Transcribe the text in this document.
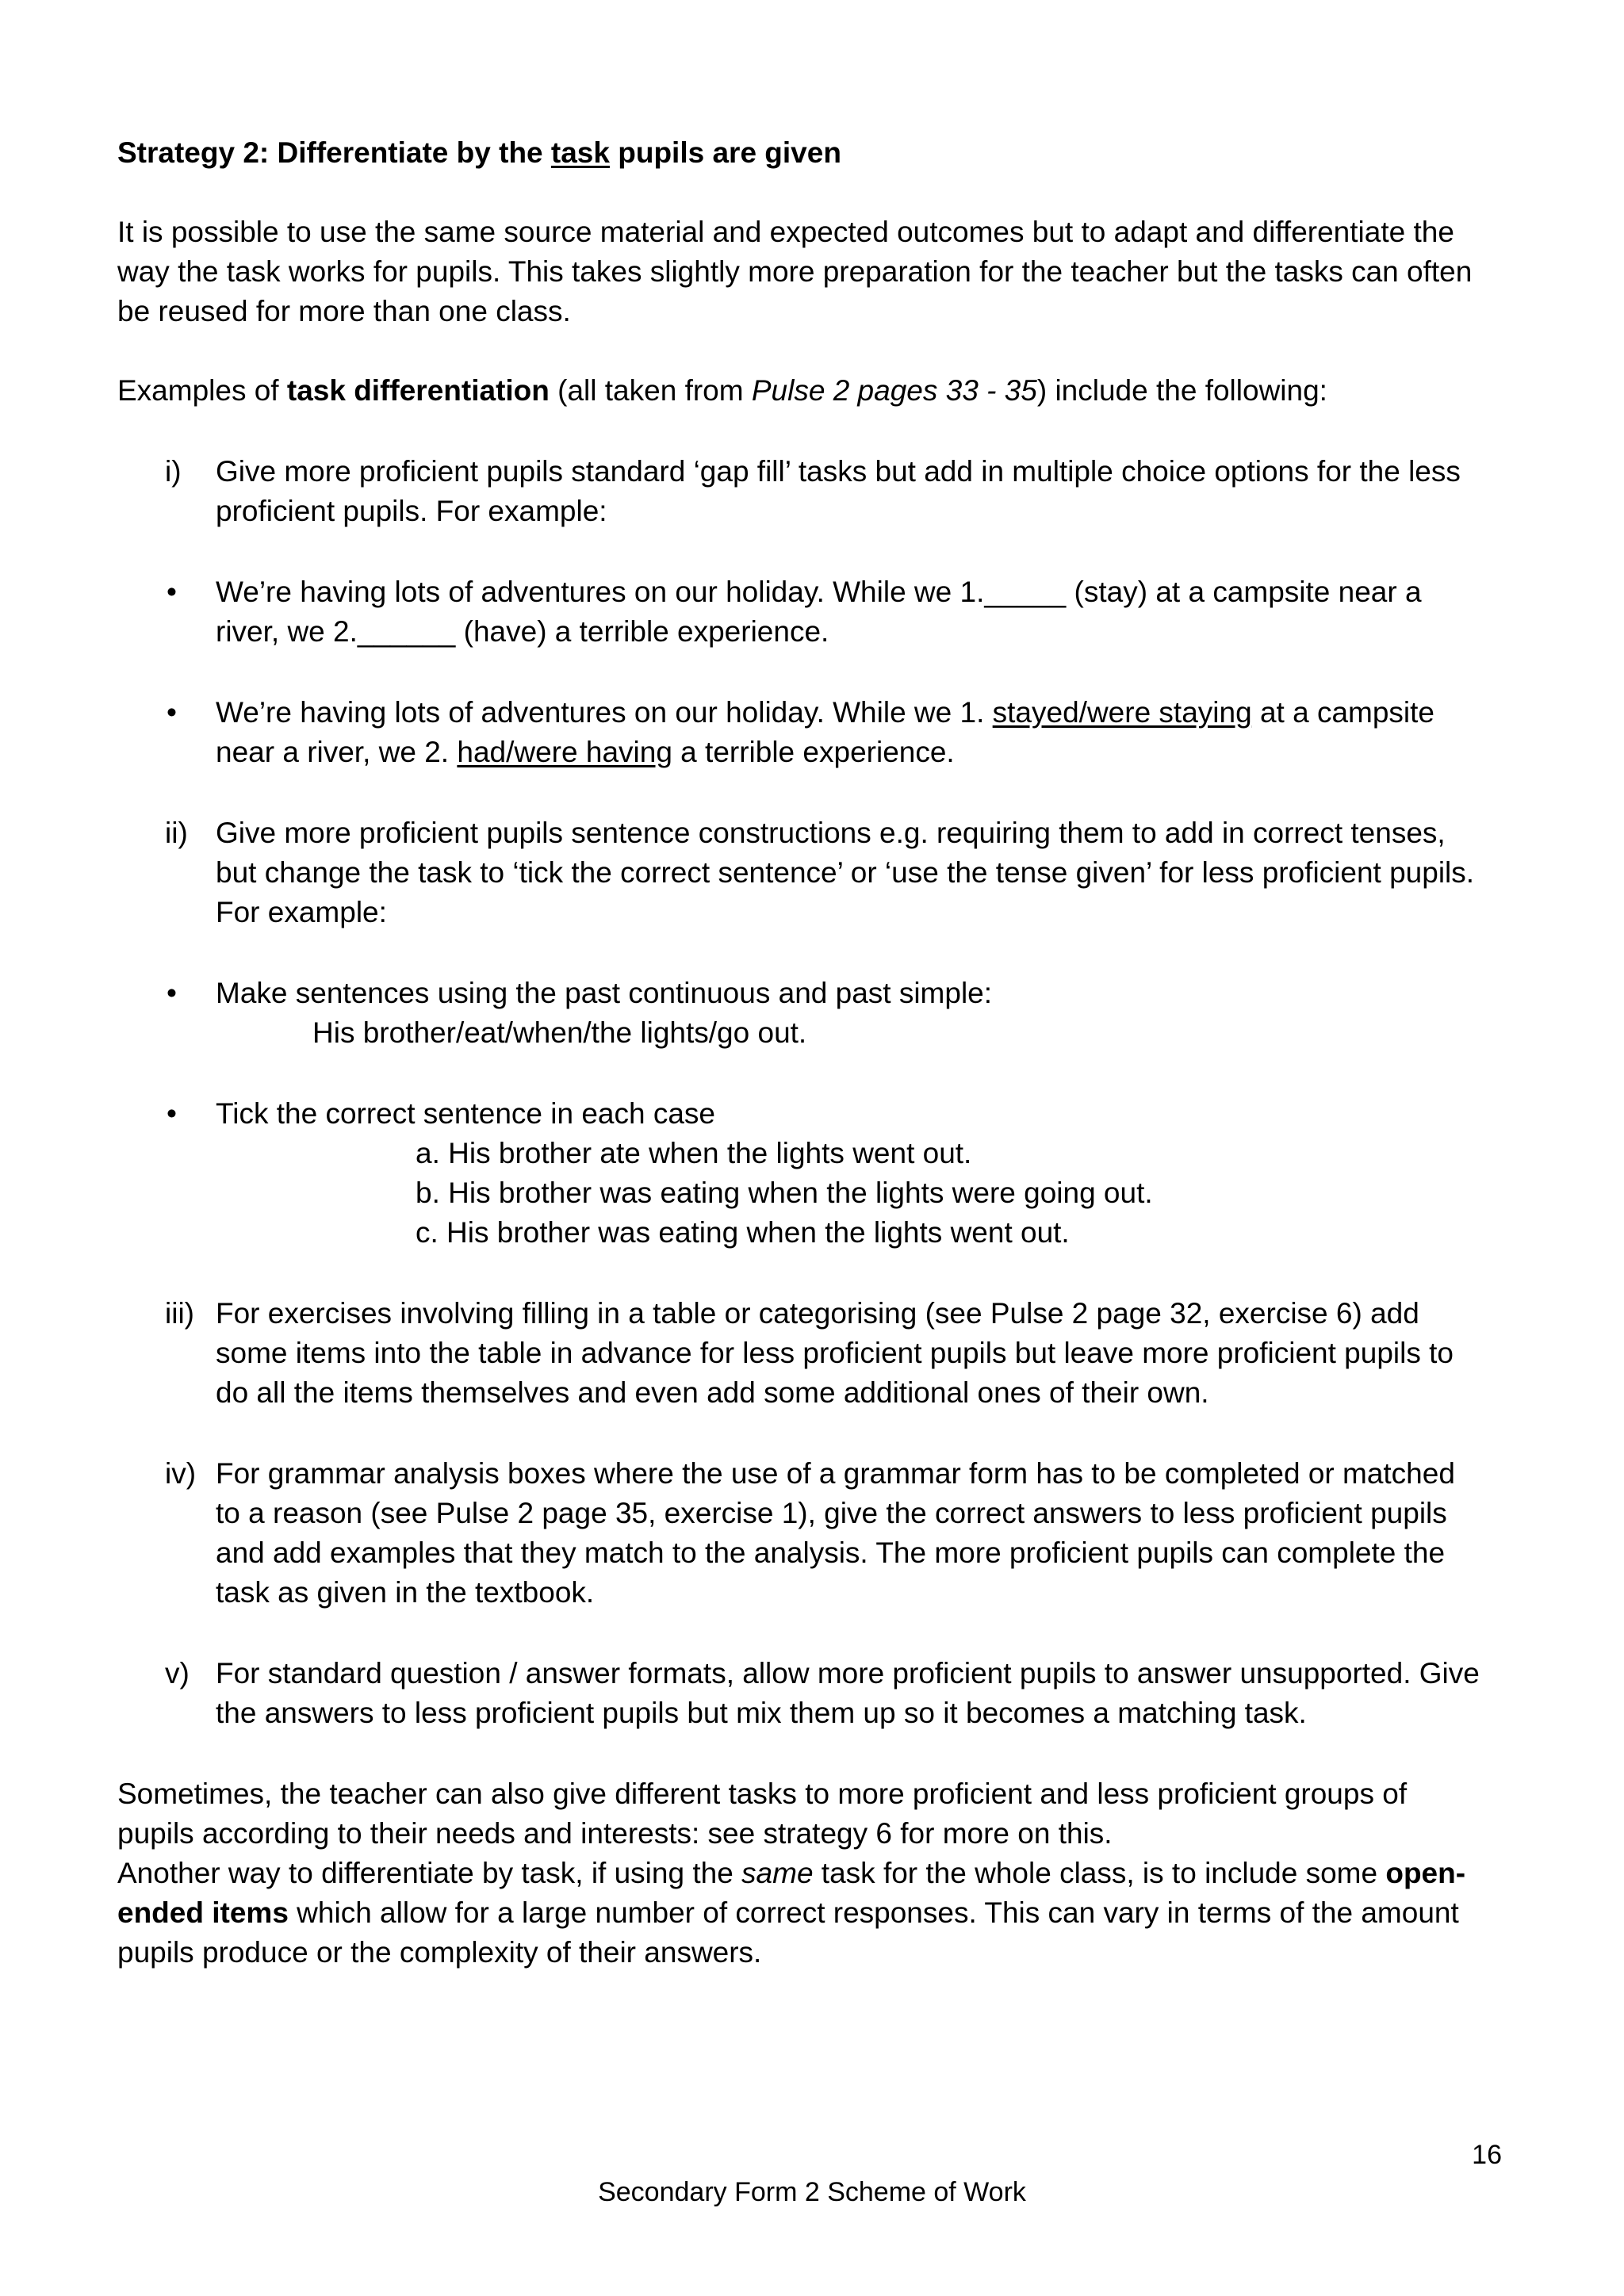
Strategy 2: Differentiate by the task pupils are given

It is possible to use the same source material and expected outcomes but to adapt and differentiate the

way the task works for pupils. This takes slightly more preparation for the teacher but the tasks can often

be reused for more than one class.

Examples of task differentiation (all taken from Pulse 2 pages 33 - 35) include the following:

i)	Give more proficient pupils standard ‘gap fill’ tasks but add in multiple choice options for the less

proficient pupils. For example:

• We’re having lots of adventures on our holiday. While we 1._____ (stay) at a campsite near a

river, we 2.______ (have) a terrible experience.

• We’re having lots of adventures on our holiday. While we 1. stayed/were staying at a campsite

near a river, we 2. had/were having a terrible experience.

ii) Give more proficient pupils sentence constructions e.g. requiring them to add in correct tenses,

but change the task to ‘tick the correct sentence’ or ‘use the tense given’ for less proficient pupils.

For example:

• Make sentences using the past continuous and past simple:

His brother/eat/when/the lights/go out.

• Tick the correct sentence in each case

a. His brother ate when the lights went out.

b. His brother was eating when the lights were going out.

c. His brother was eating when the lights went out.

iii) For exercises involving filling in a table or categorising (see Pulse 2 page 32, exercise 6) add

some items into the table in advance for less proficient pupils but leave more proficient pupils to

do all the items themselves and even add some additional ones of their own.

iv) For grammar analysis boxes where the use of a grammar form has to be completed or matched

to a reason (see Pulse 2 page 35, exercise 1), give the correct answers to less proficient pupils

and add examples that they match to the analysis. The more proficient pupils can complete the

task as given in the textbook.

v) For standard question / answer formats, allow more proficient pupils to answer unsupported. Give

the answers to less proficient pupils but mix them up so it becomes a matching task.

Sometimes, the teacher can also give different tasks to more proficient and less proficient groups of

pupils according to their needs and interests: see strategy 6 for more on this.

Another way to differentiate by task, if using the same task for the whole class, is to include some open-

ended items which allow for a large number of correct responses. This can vary in terms of the amount

pupils produce or the complexity of their answers.

16
Secondary Form 2 Scheme of Work
